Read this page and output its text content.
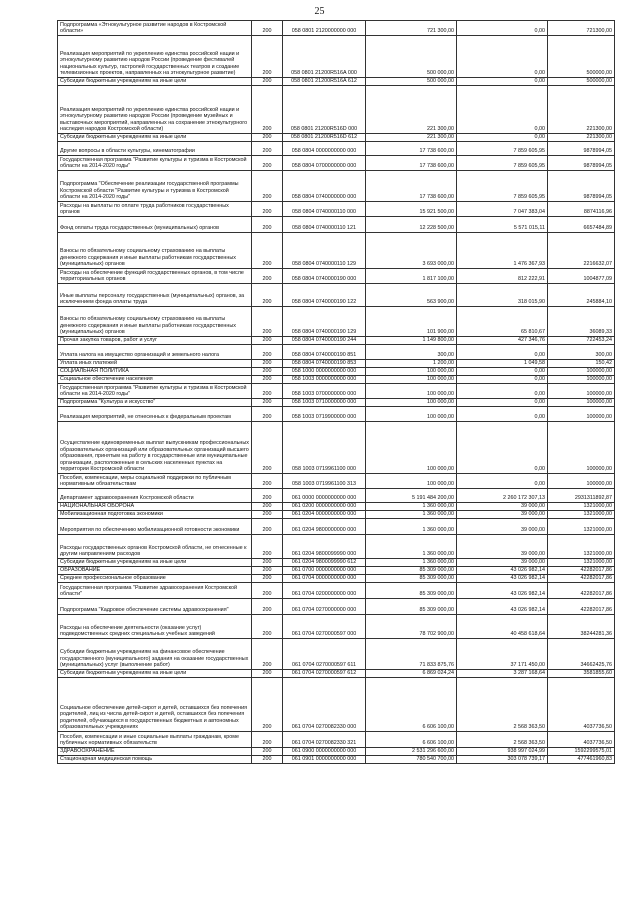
25
Подпрограмма «Этнокультурное развитие народов в Костромской области»	200	058 0801 2120000000 000	721 300,00	0,00	721300,00
Реализация мероприятий по укреплению единства российской нации и этнокультурному развитию народов России (проведение фестивалей национальных культур, гастролей государственных театров и создание телевизионных проектов, направленных на этнокультурное развитие)	200	058 0801 21200R516A 000	500 000,00	0,00	500000,00
Субсидии бюджетным учреждениям на иные цели	200	058 0801 21200R516A 612	500 000,00	0,00	500000,00
Реализация мероприятий по укреплению единства российской нации и этнокультурному развитию народов России (проведение музейных и выставочных мероприятий, направленных на сохранение этнокультурного наследия народов Костромской области)	200	058 0801 21200R516D 000	221 300,00	0,00	221300,00
Субсидии бюджетным учреждениям на иные цели	200	058 0801 21200R516D 612	221 300,00	0,00	221300,00
Другие вопросы в области культуры, кинематографии	200	058 0804 0000000000 000	17 738 600,00	7 859 605,95	9878994,05
Государственная программа "Развитие культуры и туризма в Костромской области на 2014-2020 годы"	200	058 0804 0700000000 000	17 738 600,00	7 859 605,95	9878994,05
Подпрограмма "Обеспечение реализации государственной программы Костромской области "Развитие культуры и туризма в Костромской области на 2014-2020 годы"	200	058 0804 0740000000 000	17 738 600,00	7 859 605,95	9878994,05
Расходы на выплаты по оплате труда работников государственных органов	200	058 0804 0740000110 000	15 921 500,00	7 047 383,04	8874116,96
Фонд оплаты труда государственных (муниципальных) органов	200	058 0804 0740000110 121	12 228 500,00	5 571 015,11	6657484,89
Взносы по обязательному социальному страхованию на выплаты денежного содержания и иные выплаты работникам государственных (муниципальных) органов	200	058 0804 0740000110 129	3 693 000,00	1 476 367,93	2216632,07
Расходы на обеспечение функций государственных органов, в том числе территориальных органов	200	058 0804 0740000190 000	1 817 100,00	812 222,91	1004877,09
Иные выплаты персоналу государственных (муниципальных) органов, за исключением фонда оплаты труда	200	058 0804 0740000190 122	563 900,00	318 015,90	245884,10
Взносы по обязательному социальному страхованию на выплаты денежного содержания и иные выплаты работникам государственных (муниципальных) органов	200	058 0804 0740000190 129	101 900,00	65 810,67	36089,33
Прочая закупка товаров, работ и услуг	200	058 0804 0740000190 244	1 149 800,00	427 346,76	722453,24
Уплата налога на имущество организаций и земельного налога	200	058 0804 0740000190 851	300,00	0,00	300,00
Уплата иных платежей	200	058 0804 0740000190 853	1 200,00	1 049,58	150,42
СОЦИАЛЬНАЯ ПОЛИТИКА	200	058 1000 0000000000 000	100 000,00	0,00	100000,00
Социальное обеспечение населения	200	058 1003 0000000000 000	100 000,00	0,00	100000,00
Государственная программа "Развитие культуры и туризма в Костромской области на 2014-2020 годы"	200	058 1003 0700000000 000	100 000,00	0,00	100000,00
Подпрограмма "Культура и искусство"	200	058 1003 0710000000 000	100 000,00	0,00	100000,00
Реализация мероприятий, не отнесенных к федеральным проектам	200	058 1003 0719900000 000	100 000,00	0,00	100000,00
Осуществление единовременных выплат выпускникам профессиональных образовательных организаций или образовательных организаций высшего образования, принятым на работу в государственные или муниципальные организации, расположенные в сельских населенных пунктах на территории Костромской области	200	058 1003 0719961100 000	100 000,00	0,00	100000,00
Пособия, компенсации, меры социальной поддержки по публичным нормативным обязательствам	200	058 1003 0719961100 313	100 000,00	0,00	100000,00
Департамент здравоохранения Костромской области	200	061 0000 0000000000 000	5 191 484 200,00	2 260 172 307,13	2931311892,87
НАЦИОНАЛЬНАЯ ОБОРОНА	200	061 0200 0000000000 000	1 360 000,00	39 000,00	1321000,00
Мобилизационная подготовка экономики	200	061 0204 0000000000 000	1 360 000,00	39 000,00	1321000,00
Мероприятия по обеспечению мобилизационной готовности экономики	200	061 0204 9800000000 000	1 360 000,00	39 000,00	1321000,00
Расходы государственных органов Костромской области, не отнесенные к другим направлениям расходов	200	061 0204 9800099990 000	1 360 000,00	39 000,00	1321000,00
Субсидии бюджетным учреждениям на иные цели	200	061 0204 9800099990 612	1 360 000,00	39 000,00	1321000,00
ОБРАЗОВАНИЕ	200	061 0700 0000000000 000	85 309 000,00	43 026 982,14	42282017,86
Среднее профессиональное образование	200	061 0704 0000000000 000	85 309 000,00	43 026 982,14	42282017,86
Государственная программа "Развитие здравоохранения Костромской области"	200	061 0704 0200000000 000	85 309 000,00	43 026 982,14	42282017,86
Подпрограмма "Кадровое обеспечение системы здравоохранения"	200	061 0704 0270000000 000	85 309 000,00	43 026 982,14	42282017,86
Расходы на обеспечение деятельности (оказание услуг) подведомственных средних специальных учебных заведений	200	061 0704 0270000597 000	78 702 900,00	40 458 618,64	38244281,36
Субсидии бюджетным учреждениям на финансовое обеспечение государственного (муниципального) задания на оказание государственных (муниципальных) услуг (выполнение работ)	200	061 0704 0270000597 611	71 833 875,76	37 171 450,00	34662425,76
Субсидии бюджетным учреждениям на иные цели	200	061 0704 0270000597 612	6 869 024,24	3 287 168,64	3581855,60
Социальное обеспечение детей-сирот и детей, оставшихся без попечения родителей, лиц из числа детей-сирот и детей, оставшихся без попечения родителей, обучающихся в государственных бюджетных и автономных образовательных учреждениях	200	061 0704 0270082330 000	6 606 100,00	2 568 363,50	4037736,50
Пособия, компенсации и иные социальные выплаты гражданам, кроме публичных нормативных обязательств	200	061 0704 0270082330 321	6 606 100,00	2 568 363,50	4037736,50
ЗДРАВООХРАНЕНИЕ	200	061 0900 0000000000 000	2 531 296 600,00	938 997 024,99	1592299575,01
Стационарная медицинская помощь	200	061 0901 0000000000 000	780 540 700,00	303 078 739,17	477461960,83
